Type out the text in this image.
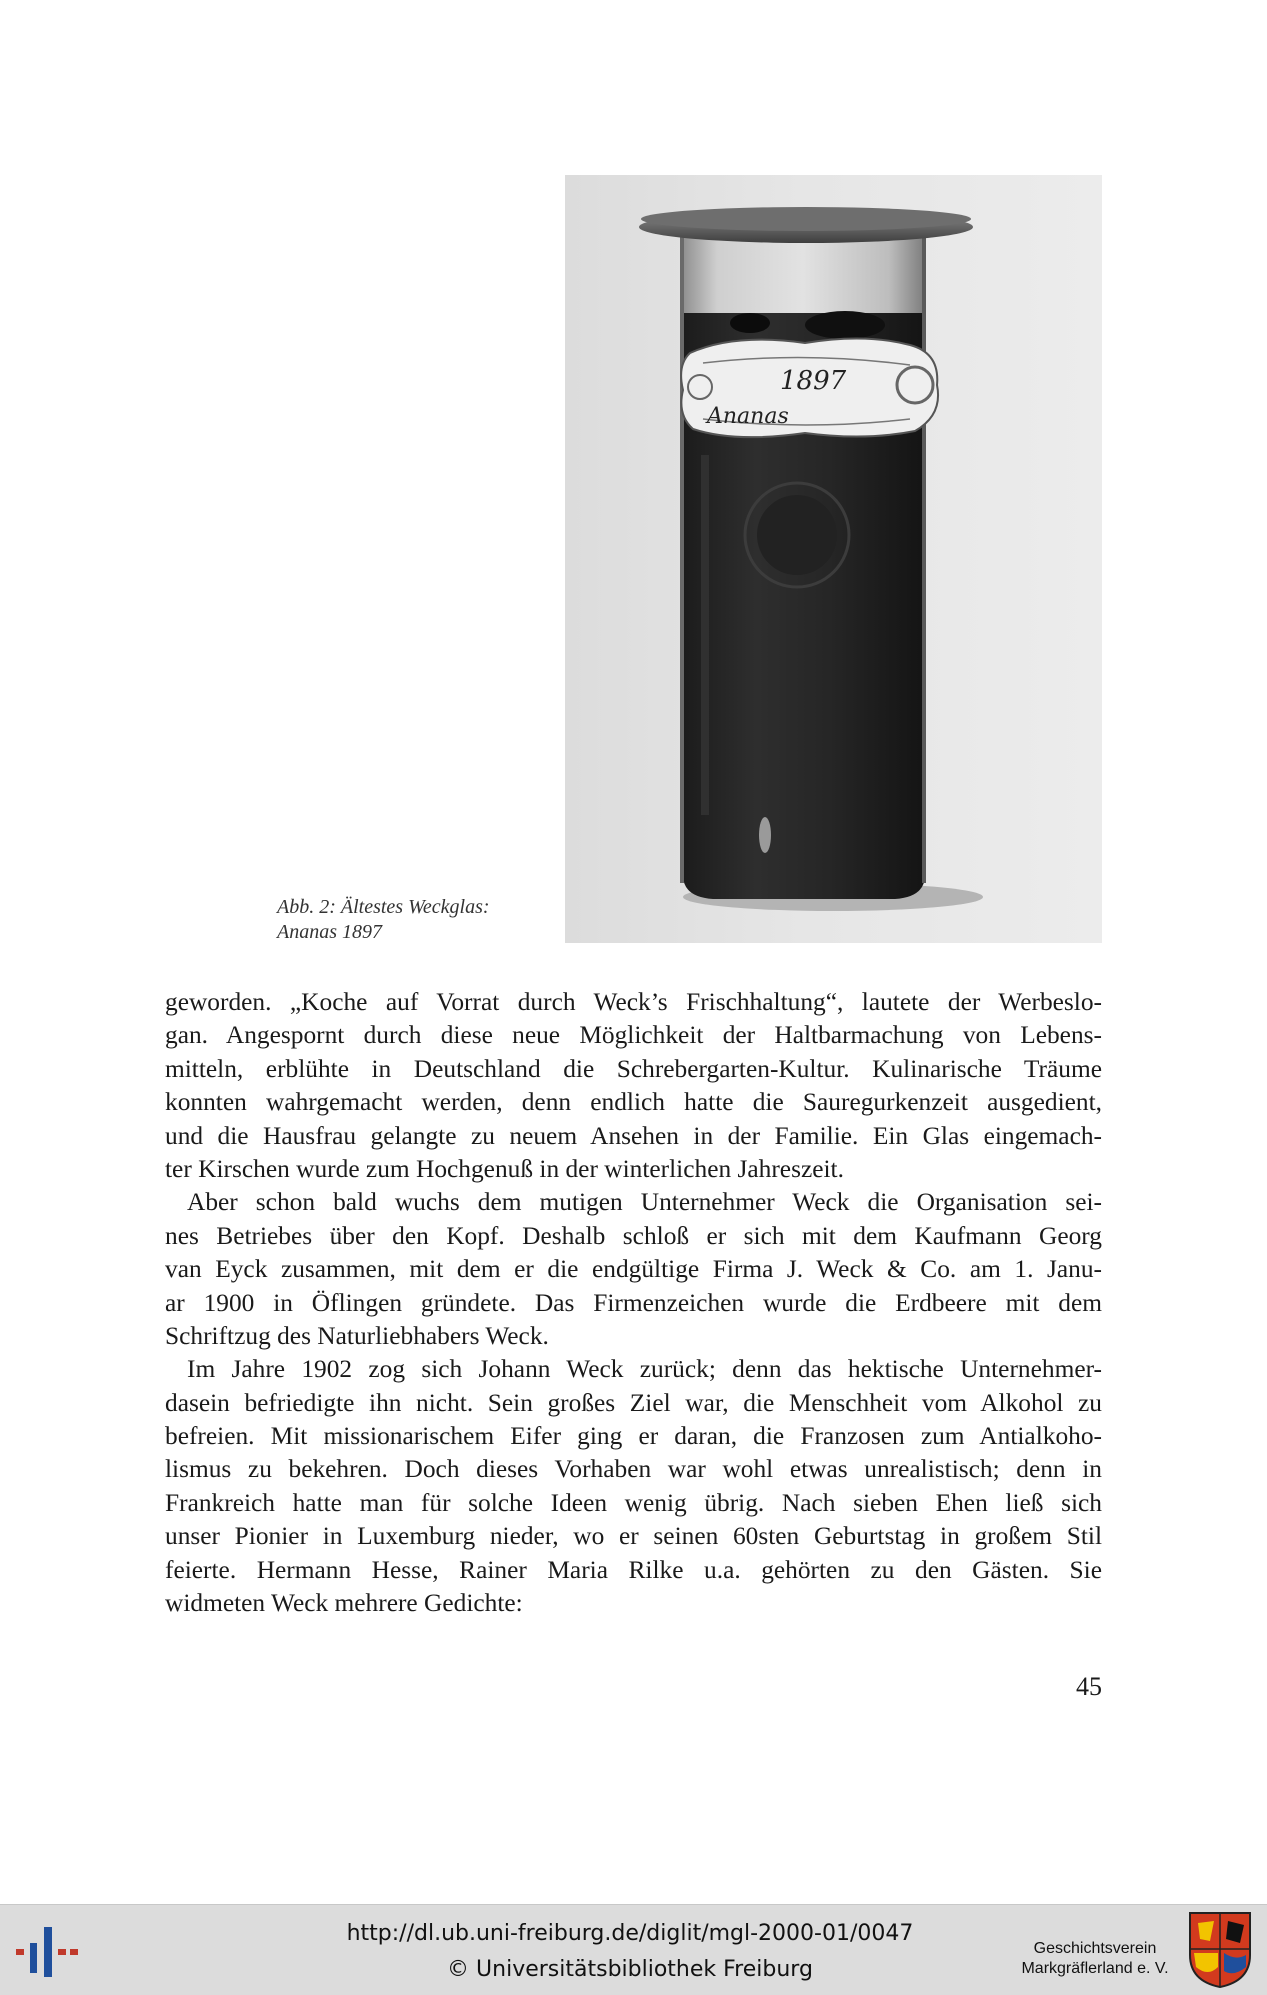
1897
Ananas
Abb. 2: Ältestes Weckglas:
Ananas 1897
geworden. „Koche auf Vorrat durch Weck’s Frischhaltung“, lautete der Werbeslo-
gan. Angespornt durch diese neue Möglichkeit der Haltbarmachung von Lebens-
mitteln, erblühte in Deutschland die Schrebergarten-Kultur. Kulinarische Träume
konnten wahrgemacht werden, denn endlich hatte die Sauregurkenzeit ausgedient,
und die Hausfrau gelangte zu neuem Ansehen in der Familie. Ein Glas eingemach-
ter Kirschen wurde zum Hochgenuß in der winterlichen Jahreszeit.
Aber schon bald wuchs dem mutigen Unternehmer Weck die Organisation sei-
nes Betriebes über den Kopf. Deshalb schloß er sich mit dem Kaufmann Georg
van Eyck zusammen, mit dem er die endgültige Firma J. Weck & Co. am 1. Janu-
ar 1900 in Öflingen gründete. Das Firmenzeichen wurde die Erdbeere mit dem
Schriftzug des Naturliebhabers Weck.
Im Jahre 1902 zog sich Johann Weck zurück; denn das hektische Unternehmer-
dasein befriedigte ihn nicht. Sein großes Ziel war, die Menschheit vom Alkohol zu
befreien. Mit missionarischem Eifer ging er daran, die Franzosen zum Antialkoho-
lismus zu bekehren. Doch dieses Vorhaben war wohl etwas unrealistisch; denn in
Frankreich hatte man für solche Ideen wenig übrig. Nach sieben Ehen ließ sich
unser Pionier in Luxemburg nieder, wo er seinen 60sten Geburtstag in großem Stil
feierte. Hermann Hesse, Rainer Maria Rilke u.a. gehörten zu den Gästen. Sie
widmeten Weck mehrere Gedichte:
45
http://dl.ub.uni-freiburg.de/diglit/mgl-2000-01/0047
© Universitätsbibliothek Freiburg
Geschichtsverein
Markgräflerland e. V.
